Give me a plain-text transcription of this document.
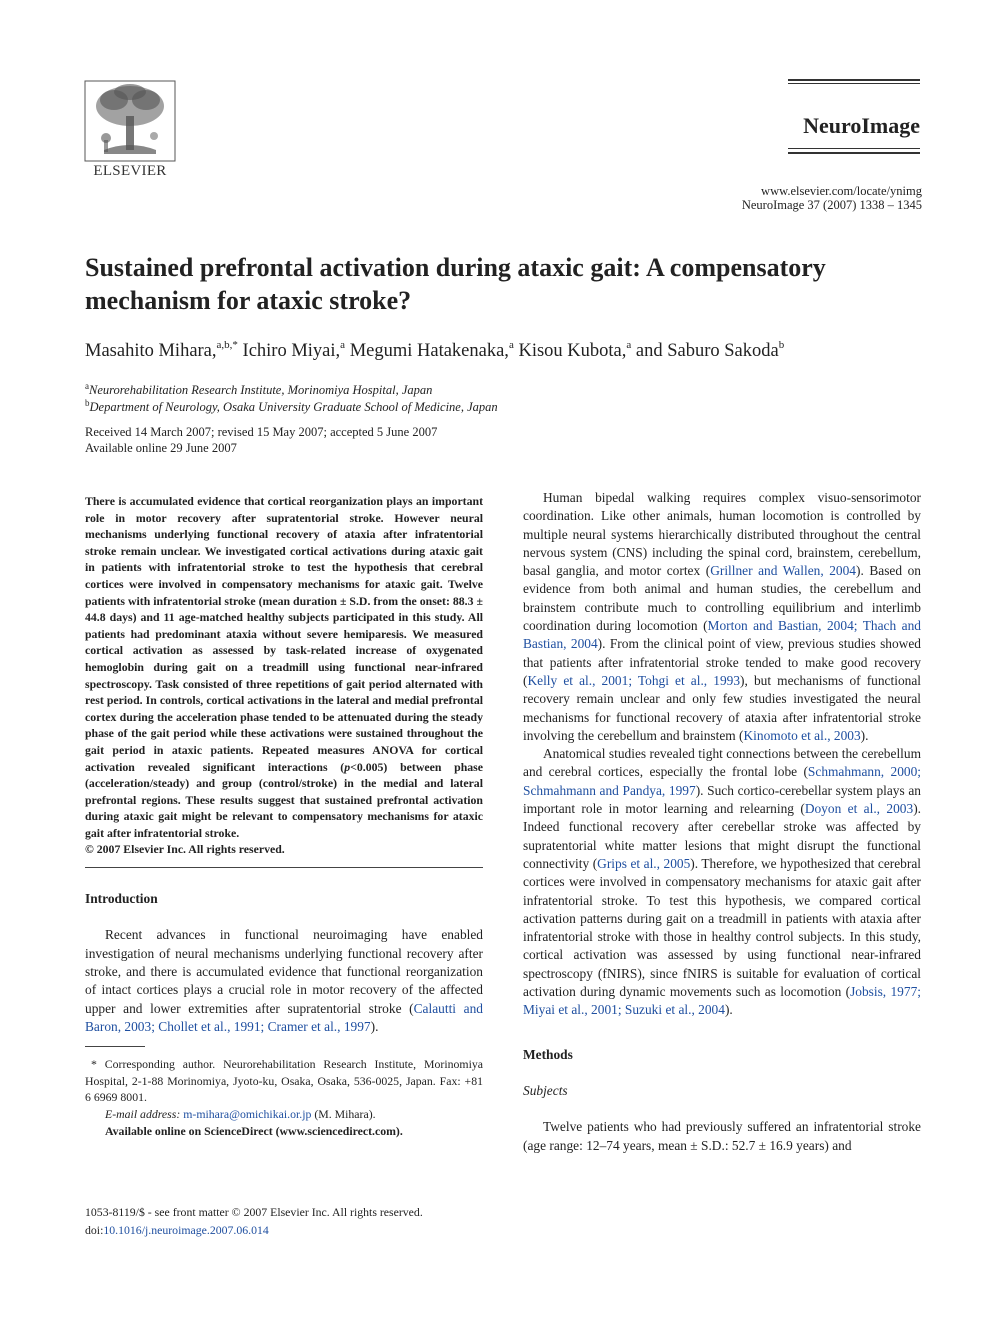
ELSEVIER
NeuroImage
www.elsevier.com/locate/ynimg
NeuroImage 37 (2007) 1338 – 1345
Sustained prefrontal activation during ataxic gait: A compensatory mechanism for ataxic stroke?
Masahito Mihara,$^{a,b,*}$ Ichiro Miyai,$^a$ Megumi Hatakenaka,$^a$ Kisou Kubota,$^a$ and Saburo Sakoda$^b$
$^a$Neurorehabilitation Research Institute, Morinomiya Hospital, Japan
$^b$Department of Neurology, Osaka University Graduate School of Medicine, Japan
Received 14 March 2007; revised 15 May 2007; accepted 5 June 2007
Available online 29 June 2007
There is accumulated evidence that cortical reorganization plays an important role in motor recovery after supratentorial stroke. However neural mechanisms underlying functional recovery of ataxia after infratentorial stroke remain unclear. We investigated cortical activations during ataxic gait in patients with infratentorial stroke to test the hypothesis that cerebral cortices were involved in compensatory mechanisms for ataxic gait. Twelve patients with infratentorial stroke (mean duration ± S.D. from the onset: 88.3 ± 44.8 days) and 11 age-matched healthy subjects participated in this study. All patients had predominant ataxia without severe hemiparesis. We measured cortical activation as assessed by task-related increase of oxygenated hemoglobin during gait on a treadmill using functional near-infrared spectroscopy. Task consisted of three repetitions of gait period alternated with rest period. In controls, cortical activations in the lateral and medial prefrontal cortex during the acceleration phase tended to be attenuated during the steady phase of the gait period while these activations were sustained throughout the gait period in ataxic patients. Repeated measures ANOVA for cortical activation revealed significant interactions (p<0.005) between phase (acceleration/steady) and group (control/stroke) in the medial and lateral prefrontal regions. These results suggest that sustained prefrontal activation during ataxic gait might be relevant to compensatory mechanisms for ataxic gait after infratentorial stroke.
© 2007 Elsevier Inc. All rights reserved.
Introduction

Recent advances in functional neuroimaging have enabled investigation of neural mechanisms underlying functional recovery after stroke, and there is accumulated evidence that functional reorganization of intact cortices plays a crucial role in motor recovery of the affected upper and lower extremities after supratentorial stroke (Calautti and Baron, 2003; Chollet et al., 1991; Cramer et al., 1997).

* Corresponding author. Neurorehabilitation Research Institute, Morinomiya Hospital, 2-1-88 Morinomiya, Jyoto-ku, Osaka, Osaka, 536-0025, Japan. Fax: +81 6 6969 8001.
E-mail address: m-mihara@omichikai.or.jp (M. Mihara).
Available online on ScienceDirect (www.sciencedirect.com).
1053-8119/$ - see front matter © 2007 Elsevier Inc. All rights reserved.
doi:10.1016/j.neuroimage.2007.06.014

Human bipedal walking requires complex visuo-sensorimotor coordination. Like other animals, human locomotion is controlled by multiple neural systems hierarchically distributed throughout the central nervous system (CNS) including the spinal cord, brainstem, cerebellum, basal ganglia, and motor cortex (Grillner and Wallen, 2004). Based on evidence from both animal and human studies, the cerebellum and brainstem contribute much to controlling equilibrium and interlimb coordination during locomotion (Morton and Bastian, 2004; Thach and Bastian, 2004). From the clinical point of view, previous studies showed that patients after infratentorial stroke tended to make good recovery (Kelly et al., 2001; Tohgi et al., 1993), but mechanisms of functional recovery remain unclear and only few studies investigated the neural mechanisms for functional recovery of ataxia after infratentorial stroke involving the cerebellum and brainstem (Kinomoto et al., 2003).

Anatomical studies revealed tight connections between the cerebellum and cerebral cortices, especially the frontal lobe (Schmahmann, 2000; Schmahmann and Pandya, 1997). Such cortico-cerebellar system plays an important role in motor learning and relearning (Doyon et al., 2003). Indeed functional recovery after cerebellar stroke was affected by supratentorial white matter lesions that might disrupt the functional connectivity (Grips et al., 2005). Therefore, we hypothesized that cerebral cortices were involved in compensatory mechanisms for ataxic gait after infratentorial stroke. To test this hypothesis, we compared cortical activation patterns during gait on a treadmill in patients with ataxia after infratentorial stroke with those in healthy control subjects. In this study, cortical activation was assessed by using functional near-infrared spectroscopy (fNIRS), since fNIRS is suitable for evaluation of cortical activation during dynamic movements such as locomotion (Jobsis, 1977; Miyai et al., 2001; Suzuki et al., 2004).

Methods
Subjects

Twelve patients who had previously suffered an infratentorial stroke (age range: 12–74 years, mean ± S.D.: 52.7 ± 16.9 years) and
